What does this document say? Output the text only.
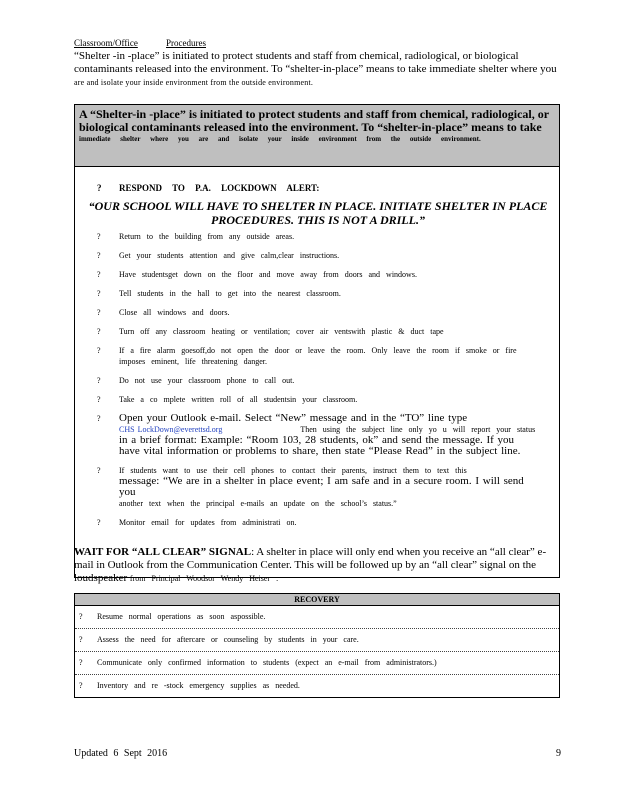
Classroom/Office	Procedures
“Shelter -in -place” is initiated to protect students and staff from chemical, radiological, or biological
contaminants released into the environment. To “shelter-in-place” means to take immediate shelter where you
are and isolate your inside environment from the outside environment.
A “Shelter-in -place” is initiated to protect students and staff from chemical, radiological, or biological contaminants released into the environment. To “shelter-in-place” means to take
immediate shelter where you are and isolate your inside environment from the outside environment.
? RESPOND TO P.A. LOCKDOWN ALERT:
“OUR SCHOOL WILL HAVE TO SHELTER IN PLACE. INITIATE SHELTER IN PLACE PROCEDURES. THIS IS NOT A DRILL.”
? Return to the building from any outside areas.
? Get your students attention and give calm,clear instructions.
? Have studentsget down on the floor and move away from doors and windows.
? Tell students in the hall to get into the nearest classroom.
? Close all windows and doors.
? Turn off any classroom heating or ventilation; cover air ventswith plastic & duct tape
? If a fire alarm goesoff,do not open the door or leave the room. Only leave the room if smoke or fire imposes eminent, life threatening danger.
? Do not use your classroom phone to call out.
? Take a co mplete written roll of all studentsin your classroom.
? Open your Outlook e-mail. Select “New” message and in the “TO” line type
CHS LockDown@everettsd.org	Then using the subject line only yo u will report your status
in a brief format: Example: “Room 103, 28 students, ok” and send the message. If you have vital information or problems to share, then state “Please Read” in the subject line.
? If students want to use their cell phones to contact their parents, instruct them to text this
message: “We are in a shelter in place event; I am safe and in a secure room. I will send you
another text when the principal e-mails an update on the school’s status.”
? Monitor email for updates from administrati on.
WAIT FOR “ALL CLEAR” SIGNAL: A shelter in place will only end when you receive an “all clear” e-mail in Outlook from the Communication Center. This will be followed up by an “all clear” signal on the loudspeaker from Principal Woodsor Wendy Heiser .
RECOVERY
? Resume normal operations as soon aspossible.
? Assess the need for aftercare or counseling by students in your care.
? Communicate only confirmed information to students (expect an e-mail from administrators.)
? Inventory and re -stock emergency supplies as needed.
Updated 6 Sept 2016	9
